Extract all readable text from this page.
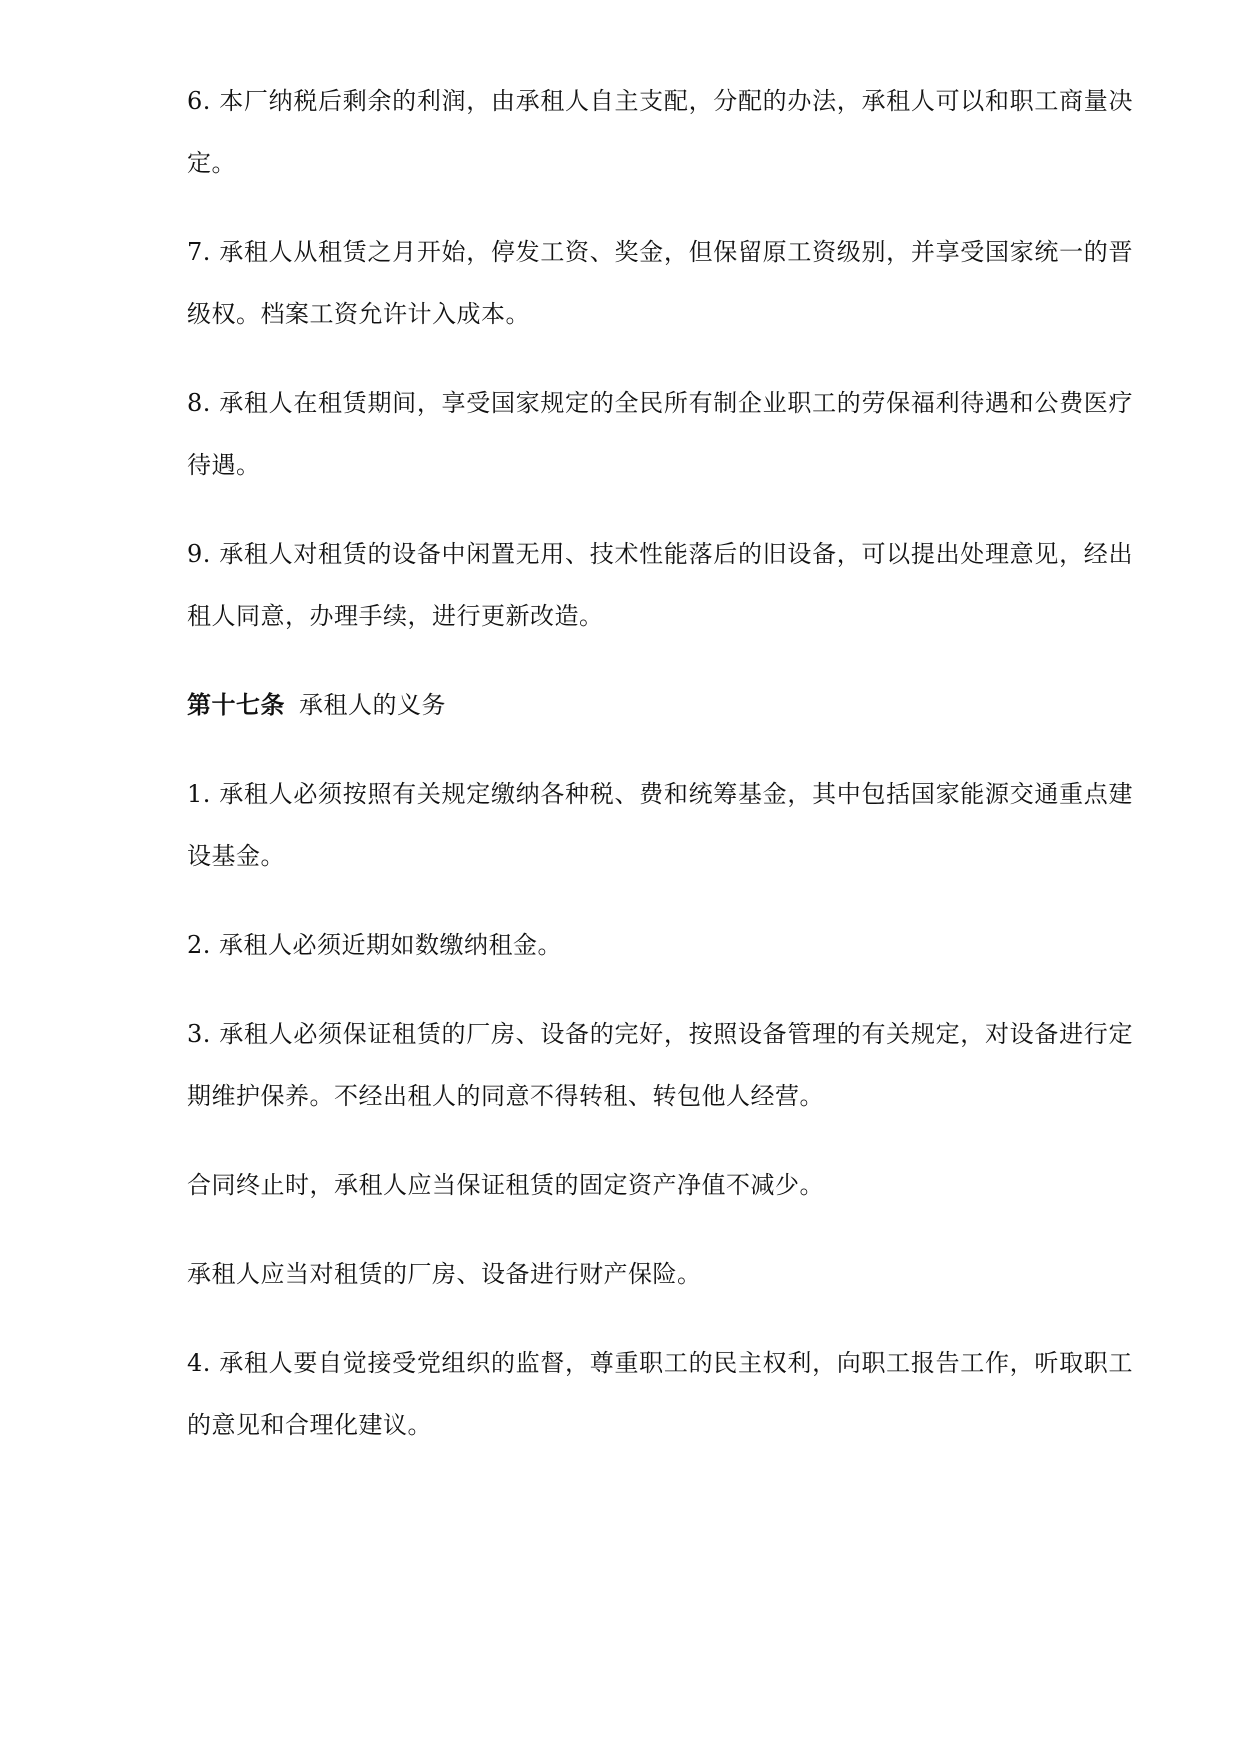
6. 本厂纳税后剩余的利润，由承租人自主支配，分配的办法，承租人可以和职工商量决定。

7. 承租人从租赁之月开始，停发工资、奖金，但保留原工资级别，并享受国家统一的晋级权。档案工资允许计入成本。

8. 承租人在租赁期间，享受国家规定的全民所有制企业职工的劳保福利待遇和公费医疗待遇。

9. 承租人对租赁的设备中闲置无用、技术性能落后的旧设备，可以提出处理意见，经出租人同意，办理手续，进行更新改造。

第十七条 承租人的义务

1. 承租人必须按照有关规定缴纳各种税、费和统筹基金，其中包括国家能源交通重点建设基金。

2. 承租人必须近期如数缴纳租金。

3. 承租人必须保证租赁的厂房、设备的完好，按照设备管理的有关规定，对设备进行定期维护保养。不经出租人的同意不得转租、转包他人经营。

合同终止时，承租人应当保证租赁的固定资产净值不减少。

承租人应当对租赁的厂房、设备进行财产保险。

4. 承租人要自觉接受党组织的监督，尊重职工的民主权利，向职工报告工作，听取职工的意见和合理化建议。
